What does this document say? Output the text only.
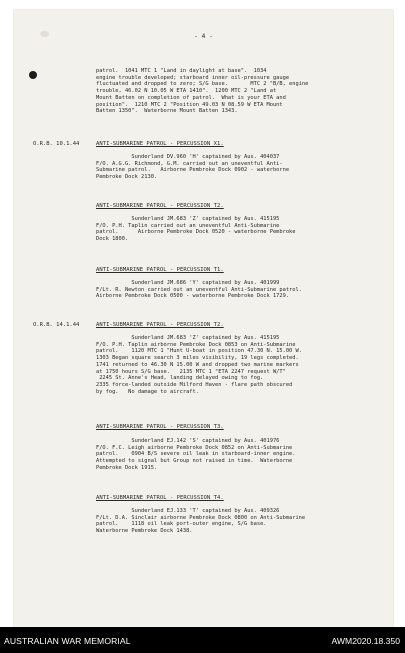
- 4 -

patrol.  1041 MTC 1 "Land in daylight at base".  1034

engine trouble developed; starboard inner oil-pressure gauge

fluctuated and dropped to zero; S/G base.       MTC 2 "B/B, engine

trouble, 46.02 N 10.05 W ETA 1410".  1200 MTC 2 "Land at

Mount Batten on completion of patrol.  What is your ETA and

position".  1210 MTC 2 "Position 49.03 N 08.59 W ETA Mount

Batten 1350".  Waterborne Mount Batten 1343.

O.R.B. 10.1.44	ANTI-SUBMARINE PATROL - PERCUSSION X1.

Sunderland DV.960 'H' captained by Aus. 404037

F/O. A.G.G. Richmond, G.M. carried out an uneventful Anti-

Submarine patrol.   Airborne Pembroke Dock 0902 - waterborne

Pembroke Dock 2130.

ANTI-SUBMARINE PATROL - PERCUSSION T2.

Sunderland JM.683 'Z' captained by Aus. 415195

F/O. P.H. Taplin carried out an uneventful Anti-Submarine

patrol.      Airborne Pembroke Dock 0520 - waterborne Pembroke

Dock 1800.

ANTI-SUBMARINE PATROL - PERCUSSION T1.

Sunderland JM.686 'Y' captained by Aus. 401999

F/Lt. R. Newton carried out an uneventful Anti-Submarine patrol.

Airborne Pembroke Dock 0500 - waterborne Pembroke Dock 1729.

O.R.B. 14.1.44	ANTI-SUBMARINE PATROL - PERCUSSION T2.

Sunderland JM.683 'Z' captained by Aus. 415195

F/O. P.H. Taplin airborne Pembroke Dock 0853 on Anti-Submarine

patrol.    1120 MTC 1 "Hunt U-boat in position 47.30 N. 15.00 W.

1303 Began square search 3 miles visibility, 19 legs completed.

1741 returned to 46.30 N 15.00 W and dropped two marine markers

at 1750 hours S/G base.   2135 MTC 1 "ETA 2247 request W/T"

2245 St. Anne's Head, landing delayed owing to fog.

2335 force-landed outside Milford Haven - flare path obscured

by fog.   No damage to aircraft.

ANTI-SUBMARINE PATROL - PERCUSSION T3.

Sunderland EJ.142 'S' captained by Aus. 401976

F/O. F.C. Leigh airborne Pembroke Dock 0852 on Anti-Submarine

patrol.    0904 B/S severe oil leak in starboard-inner engine.

Attempted to signal but Group not raised in time.  Waterborne

Pembroke Dock 1915.

ANTI-SUBMARINE PATROL - PERCUSSION T4.

Sunderland EJ.133 'T' captained by Aus. 409326

F/Lt. D.A. Sinclair airborne Pembroke Dock 0800 on Anti-Submarine

patrol.    1118 oil leak port-outer engine, S/G base.

Waterborne Pembroke Dock 1438.

AUSTRALIAN WAR MEMORIAL	AWM2020.18.350
